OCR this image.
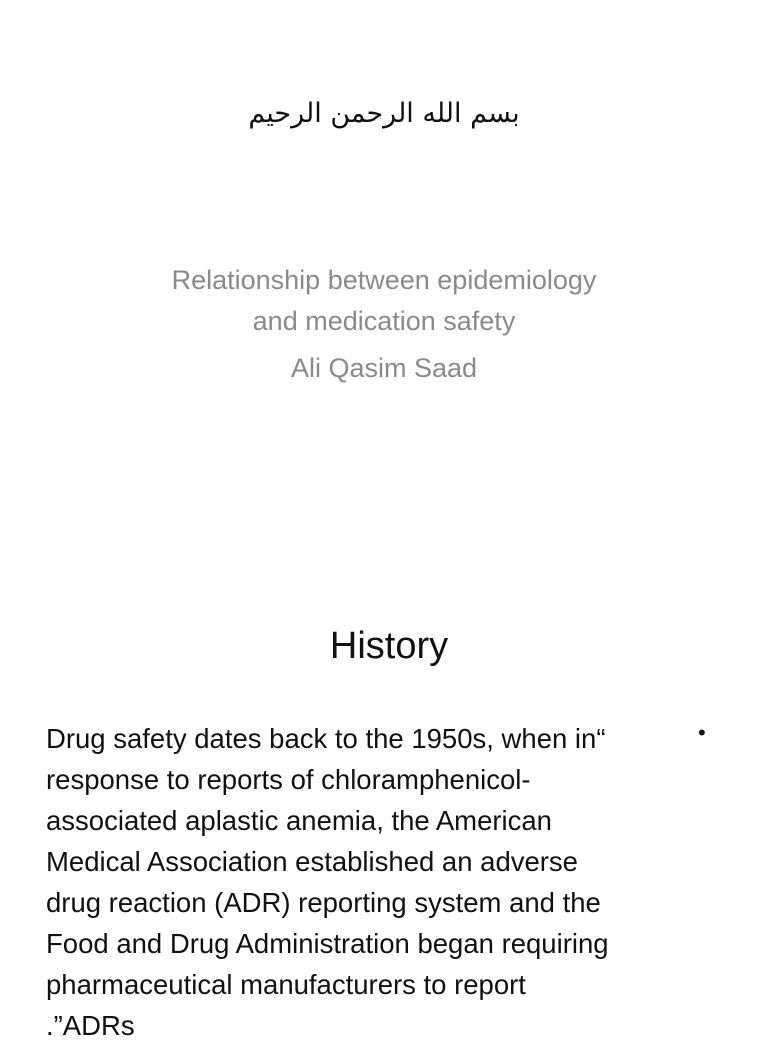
بسم الله الرحمن الرحيم
Relationship between epidemiology
and medication safety
Ali Qasim Saad
History
•
Drug safety dates back to the 1950s, when in“
response to reports of chloramphenicol-
associated aplastic anemia, the American
Medical Association established an adverse
drug reaction (ADR) reporting system and the
Food and Drug Administration began requiring
pharmaceutical manufacturers to report
.”ADRs
